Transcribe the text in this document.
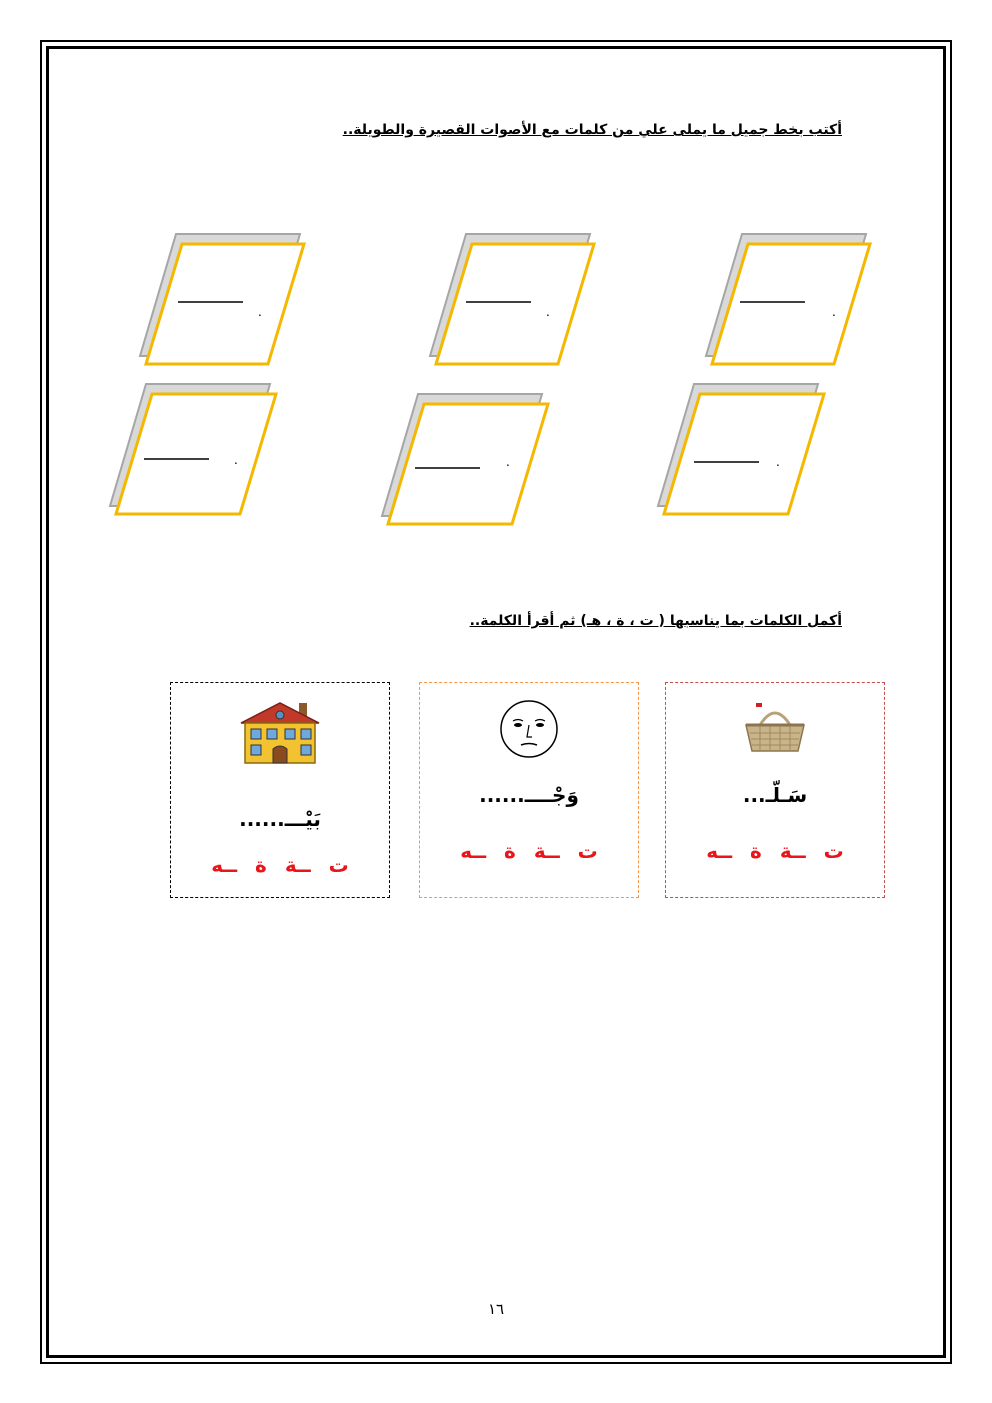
أكتب بخط جميل ما يملى علي من كلمات مع الأصوات القصيرة والطويلة..
.
.
.
.
.
.
أكمل الكلمات بما يناسبها ( ت ، ة ، هـ) ثم أقرأ الكلمة..
سَـلّـ...
ت
ــة
ة
ــه
وَجْــــ......
ت
ــة
ة
ــه
بَيْـــ......
ت
ــة
ة
ــه
١٦
